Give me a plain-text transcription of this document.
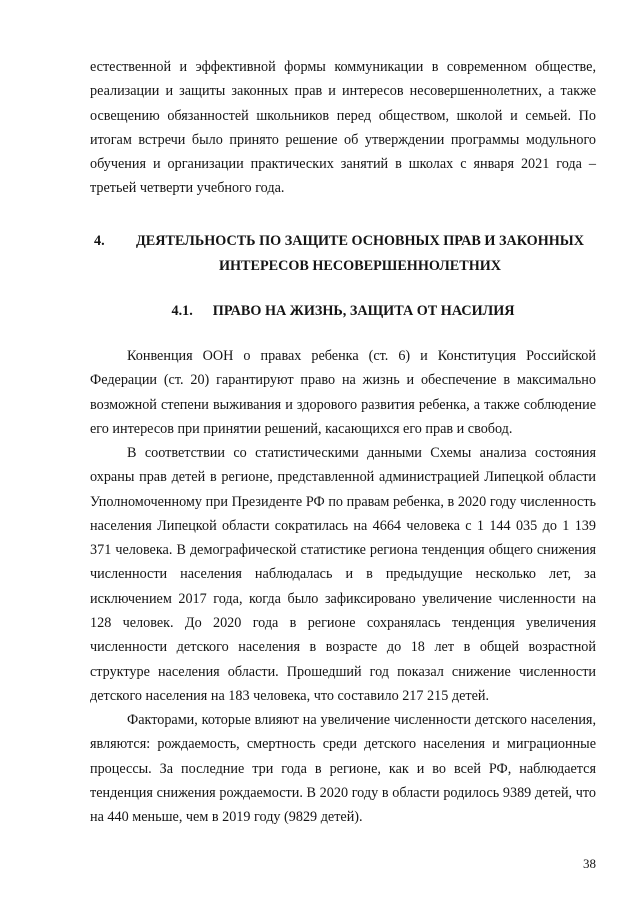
естественной и эффективной формы коммуникации в современном обществе, реализации и защиты законных прав и интересов несовершеннолетних, а также освещению обязанностей школьников перед обществом, школой и семьей. По итогам встречи было принято решение об утверждении программы модульного обучения и организации практических занятий в школах с января 2021 года – третьей четверти учебного года.

4.	ДЕЯТЕЛЬНОСТЬ ПО ЗАЩИТЕ ОСНОВНЫХ ПРАВ И ЗАКОННЫХ
ИНТЕРЕСОВ НЕСОВЕРШЕННОЛЕТНИХ
4.1. ПРАВО НА ЖИЗНЬ, ЗАЩИТА ОТ НАСИЛИЯ

Конвенция ООН о правах ребенка (ст. 6) и Конституция Российской Федерации (ст. 20) гарантируют право на жизнь и обеспечение в максимально возможной степени выживания и здорового развития ребенка, а также соблюдение его интересов при принятии решений, касающихся его прав и свобод.

В соответствии со статистическими данными Схемы анализа состояния охраны прав детей в регионе, представленной администрацией Липецкой области Уполномоченному при Президенте РФ по правам ребенка, в 2020 году численность населения Липецкой области сократилась на 4664 человека с 1 144 035 до 1 139 371 человека. В демографической статистике региона тенденция общего снижения численности населения наблюдалась и в предыдущие несколько лет, за исключением 2017 года, когда было зафиксировано увеличение численности на 128 человек. До 2020 года в регионе сохранялась тенденция увеличения численности детского населения в возрасте до 18 лет в общей возрастной структуре населения области. Прошедший год показал снижение численности детского населения на 183 человека, что составило 217 215 детей.

Факторами, которые влияют на увеличение численности детского населения, являются: рождаемость, смертность среди детского населения и миграционные процессы. За последние три года в регионе, как и во всей РФ, наблюдается тенденция снижения рождаемости. В 2020 году в области родилось 9389 детей, что на 440 меньше, чем в 2019 году (9829 детей).

38
